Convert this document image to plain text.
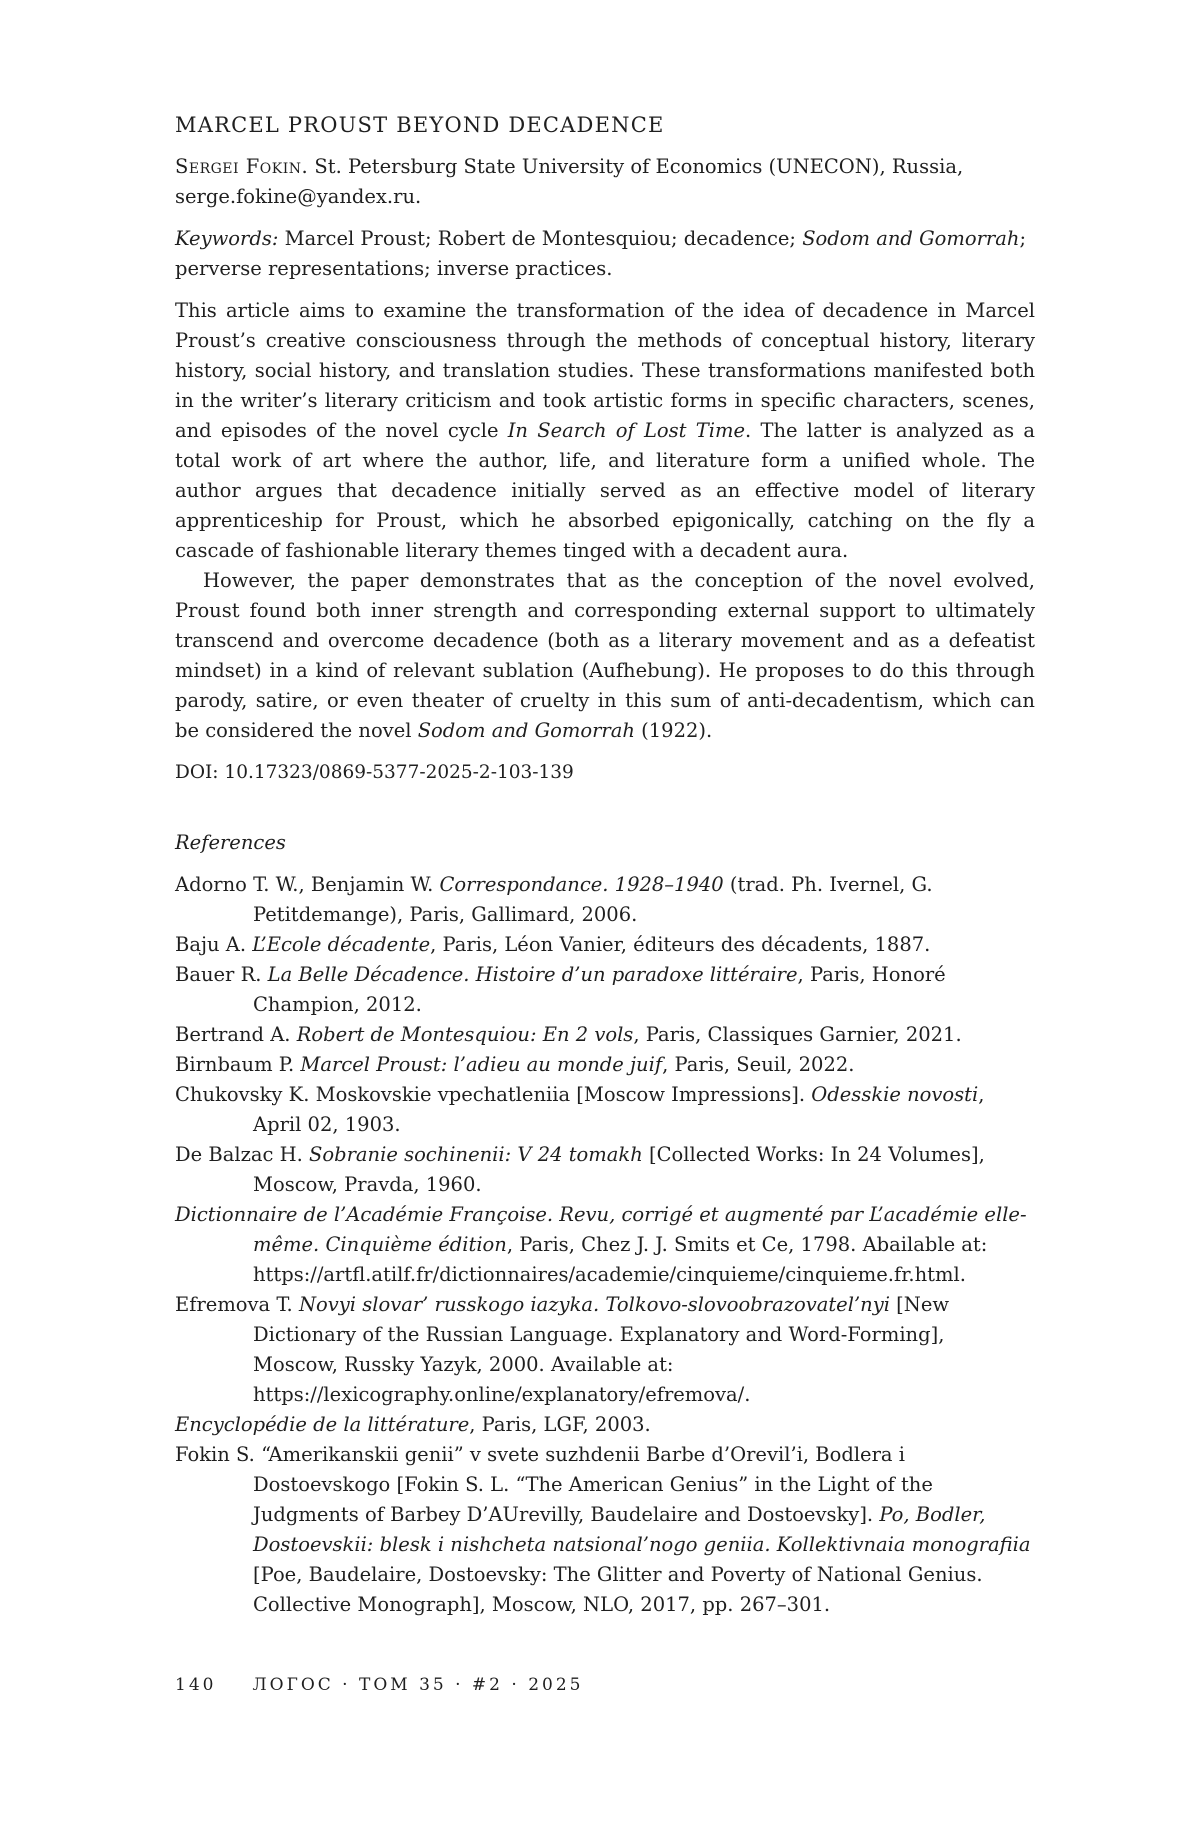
MARCEL PROUST BEYOND DECADENCE

Sergei Fokin. St. Petersburg State University of Economics (UNECON), Russia, serge.fokine@yandex.ru.

Keywords: Marcel Proust; Robert de Montesquiou; decadence; Sodom and Gomorrah; perverse representations; inverse practices.

This article aims to examine the transformation of the idea of decadence in Marcel Proust’s creative consciousness through the methods of conceptual history, literary history, social history, and translation studies. These transformations manifested both in the writer’s literary criticism and took artistic forms in specific characters, scenes, and episodes of the novel cycle In Search of Lost Time. The latter is analyzed as a total work of art where the author, life, and literature form a unified whole. The author argues that decadence initially served as an effective model of literary apprenticeship for Proust, which he absorbed epigonically, catching on the fly a cascade of fashionable literary themes tinged with a decadent aura.

However, the paper demonstrates that as the conception of the novel evolved, Proust found both inner strength and corresponding external support to ultimately transcend and overcome decadence (both as a literary movement and as a defeatist mindset) in a kind of relevant sublation (Aufhebung). He proposes to do this through parody, satire, or even theater of cruelty in this sum of anti-decadentism, which can be considered the novel Sodom and Gomorrah (1922).

DOI: 10.17323/0869-5377-2025-2-103-139

References

Adorno T. W., Benjamin W. Correspondance. 1928–1940 (trad. Ph. Ivernel, G. Petitdemange), Paris, Gallimard, 2006.

Baju A. L’Ecole décadente, Paris, Léon Vanier, éditeurs des décadents, 1887.

Bauer R. La Belle Décadence. Histoire d’un paradoxe littéraire, Paris, Honoré Champion, 2012.

Bertrand A. Robert de Montesquiou: En 2 vols, Paris, Classiques Garnier, 2021.

Birnbaum P. Marcel Proust: l’adieu au monde juif, Paris, Seuil, 2022.

Chukovsky K. Moskovskie vpechatleniia [Moscow Impressions]. Odesskie novosti, April 02, 1903.

De Balzac H. Sobranie sochinenii: V 24 tomakh [Collected Works: In 24 Volumes], Moscow, Pravda, 1960.

Dictionnaire de l’Académie Françoise. Revu, corrigé et augmenté par L’académie elle-même. Cinquième édition, Paris, Chez J. J. Smits et Ce, 1798. Abailable at: https://artfl.atilf.fr/dictionnaires/academie/cinquieme/cinquieme.fr.html.

Efremova T. Novyi slovar’ russkogo iazyka. Tolkovo-slovoobrazovatel’nyi [New Dictionary of the Russian Language. Explanatory and Word-Forming], Moscow, Russky Yazyk, 2000. Available at: https://lexicography.online/explanatory/efremova/.

Encyclopédie de la littérature, Paris, LGF, 2003.

Fokin S. “Amerikanskii genii” v svete suzhdenii Barbe d’Orevil’i, Bodlera i Dostoevskogo [Fokin S. L. “The American Genius” in the Light of the Judgments of Barbey D’AUrevilly, Baudelaire and Dostoevsky]. Po, Bodler, Dostoevskii: blesk i nishcheta natsional’nogo geniia. Kollektivnaia monografiia [Poe, Baudelaire, Dostoevsky: The Glitter and Poverty of National Genius. Collective Monograph], Moscow, NLO, 2017, pp. 267–301.

140 ЛОГОС · ТОМ 35 · #2 · 2025
